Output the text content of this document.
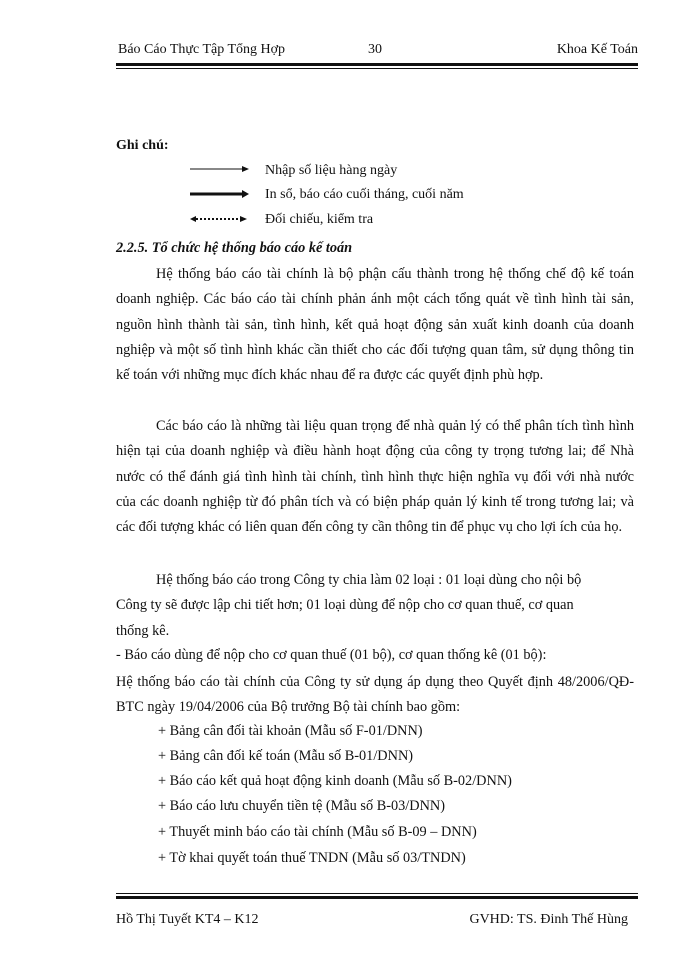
Báo Cáo Thực Tập Tổng Hợp	30	Khoa Kế Toán
Ghi chú:
Nhập số liệu hàng ngày
In sổ, báo cáo cuối tháng, cuối năm
Đối chiếu, kiểm tra
2.2.5. Tổ chức hệ thống báo cáo kế toán

Hệ thống báo cáo tài chính là bộ phận cấu thành trong hệ thống chế độ kế toán doanh nghiệp. Các báo cáo tài chính phản ánh một cách tổng quát về tình hình tài sản, nguồn hình thành tài sản, tình hình, kết quả hoạt động sản xuất kinh doanh của doanh nghiệp và một số tình hình khác cần thiết cho các đối tượng quan tâm, sử dụng thông tin kế toán với những mục đích khác nhau để ra được các quyết định phù hợp.

Các báo cáo là những tài liệu quan trọng để nhà quản lý có thể phân tích tình hình hiện tại của doanh nghiệp và điều hành hoạt động của công ty trọng tương lai; để Nhà nước có thể đánh giá tình hình tài chính, tình hình thực hiện nghĩa vụ đối với nhà nước của các doanh nghiệp từ đó phân tích và có biện pháp quản lý kinh tế trong tương lai; và các đối tượng khác có liên quan đến công ty cần thông tin để phục vụ cho lợi ích của họ.

Hệ thống báo cáo trong Công ty chia làm 02 loại : 01 loại dùng cho nội bộ Công ty sẽ được lập chi tiết hơn; 01 loại dùng để nộp cho cơ quan thuế, cơ quan thống kê.

- Báo cáo dùng để nộp cho cơ quan thuế (01 bộ), cơ quan thống kê (01 bộ):

Hệ thống báo cáo tài chính của Công ty sử dụng áp dụng theo Quyết định 48/2006/QĐ-BTC ngày 19/04/2006 của Bộ trưởng Bộ tài chính bao gồm:

+ Bảng cân đối tài khoản (Mẫu số F-01/DNN)
+ Bảng cân đối kế toán (Mẫu số B-01/DNN)
+ Báo cáo kết quả hoạt động kinh doanh (Mẫu số B-02/DNN)
+ Báo cáo lưu chuyển tiền tệ (Mẫu số B-03/DNN)
+ Thuyết minh báo cáo tài chính (Mẫu số B-09 – DNN)
+ Tờ khai quyết toán thuế TNDN (Mẫu số 03/TNDN)
Hồ Thị Tuyết KT4 – K12	GVHD: TS. Đinh Thế Hùng
